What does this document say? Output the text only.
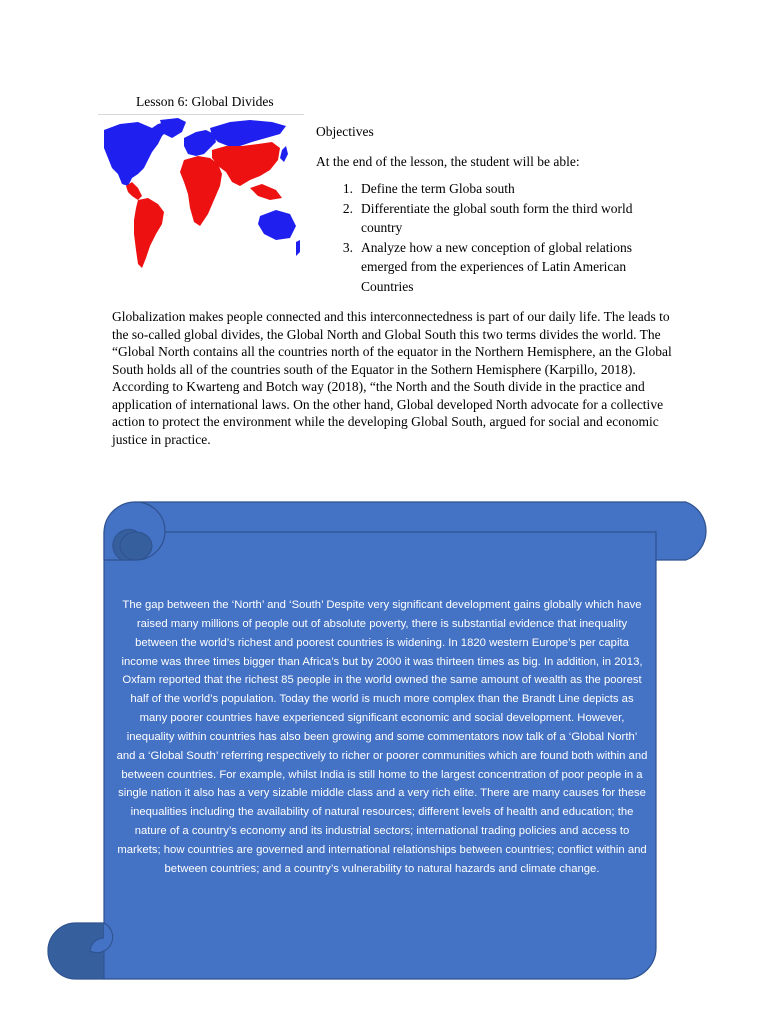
Lesson 6: Global Divides

Objectives

At the end of the lesson, the student will be able:

1. Define the term Globa south
2. Differentiate the global south form the third world country
3. Analyze how a new conception of global relations emerged from the experiences of Latin American Countries

Globalization makes people connected and this interconnectedness is part of our daily life. The leads to the so-called global divides, the Global North and Global South this two terms divides the world. The “Global North contains all the countries north of the equator in the Northern Hemisphere, an the Global South holds all of the countries south of the Equator in the Sothern Hemisphere (Karpillo, 2018). According to Kwarteng and Botch way (2018), “the North and the South divide in the practice and application of international laws. On the other hand, Global developed North advocate for a collective action to protect the environment while the developing Global South, argued for social and economic justice in practice.

The gap between the ‘North’ and ‘South’ Despite very significant development gains globally which have raised many millions of people out of absolute poverty, there is substantial evidence that inequality between the world’s richest and poorest countries is widening. In 1820 western Europe’s per capita income was three times bigger than Africa’s but by 2000 it was thirteen times as big. In addition, in 2013, Oxfam reported that the richest 85 people in the world owned the same amount of wealth as the poorest half of the world’s population. Today the world is much more complex than the Brandt Line depicts as many poorer countries have experienced significant economic and social development. However, inequality within countries has also been growing and some commentators now talk of a ‘Global North’ and a ‘Global South’ referring respectively to richer or poorer communities which are found both within and between countries. For example, whilst India is still home to the largest concentration of poor people in a single nation it also has a very sizable middle class and a very rich elite. There are many causes for these inequalities including the availability of natural resources; different levels of health and education; the nature of a country’s economy and its industrial sectors; international trading policies and access to markets; how countries are governed and international relationships between countries; conflict within and between countries; and a country’s vulnerability to natural hazards and climate change.
